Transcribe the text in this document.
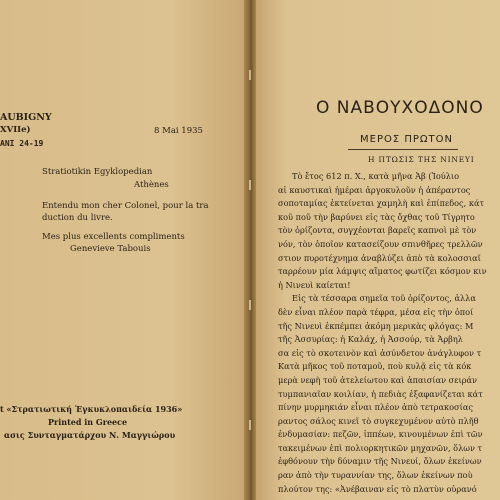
AUBIGNY
XVIIe)
ANI 24-19
8 Mai 1935
Stratiotikin Egyklopedian
Athènes
Entendu mon cher Colonel, pour la tra
duction du livre.
Mes plus excellents compliments
Genevieve Tabouis
t «Στρατιωτική Έγκυκλοπαιδεία 1936»
Printed in Greece
ασις Συνταγματάρχου Ν. Μαγγιώρου
Ο ΝΑΒΟΥΧΟΔΟΝΟ
ΜΕΡΟΣ ΠΡΩΤΟΝ
Η ΠΤΩΣΙΣ ΤΗΣ ΝΙΝΕΥΙ
Τὸ ἔτος 612 π. Χ., κατὰ μῆνα Ἀβ (Ἰούλιο
αἱ καυστικαὶ ἡμέραι ἀργοκυλοῦν ἡ ἀπέραντος
σοποταμίας ἐκτείνεται χαμηλὴ καὶ ἐπίπεδος, κάτ
κοῦ ποῦ τὴν βαρύνει εἰς τὰς ὄχθας τοῦ Τίγρητο
τὸν ὁρίζοντα, συγχέονται βαρεῖς καπνοὶ μὲ τὸν
νόν, τὸν ὁποῖον κατασείζουν σπινθῆρες τρελλῶν
στιον πυροτέχνημα ἀναβλύζει ἀπὸ τὰ κολοσσιαῖ
ταρρέουν μία λάμψις αἵματος φωτίζει κόσμον κιν
ἡ Νινευὶ καίεται!
Εἰς τὰ τέσσαρα σημεῖα τοῦ ὁρίζοντος, ἀλλα
δὲν εἶναι πλέον παρὰ τέφρα, μέσα εἰς τὴν ὁποί
τῆς Νινευὶ ἐκπέμπει ἀκόμη μερικὰς φλόγας: Μ
τῆς Ἀσσυρίας: ἡ Καλάχ, ἡ Ἀσσούρ, τὰ Ἀρβηλ
σα εἰς τὸ σκοτεινὸν καὶ ἀσύνδετον ἀνάγλυφον τ
Κατὰ μῆκος τοῦ ποταμοῦ, ποὺ κυλᾷ εἰς τὰ κόκ
μερὰ νεφὴ τοῦ ἀτελείωτου καὶ ἀπαισίαν σειράν
τυμπανιαῖαν κοιλίαν, ἡ πεδιὰς ἐξαφανίζεται κάτ
πίνην μυρμηκιάν εἶναι πλέον ἀπὸ τετρακοσίας
ραντος σάλος κινεῖ τὸ συγκεχυμένον αὐτὸ πλῆθ
ἐνδυμασίαν: πεζῶν, ἱππέων, κινουμένων ἐπὶ τῶν
τακειμένων ἐπὶ πολιορκητικῶν μηχανῶν, ὅλων τ
ἐφθόνουν τὴν δύναμιν τῆς Νινευί, ὅλων ἐκείνων
ραν ἀπὸ τὴν τυραννίαν της, ὅλων ἐκείνων ποὺ
πλούτον της: «Ἀνέβαιναν εἰς τὸ πλατὺν οὐρανό
